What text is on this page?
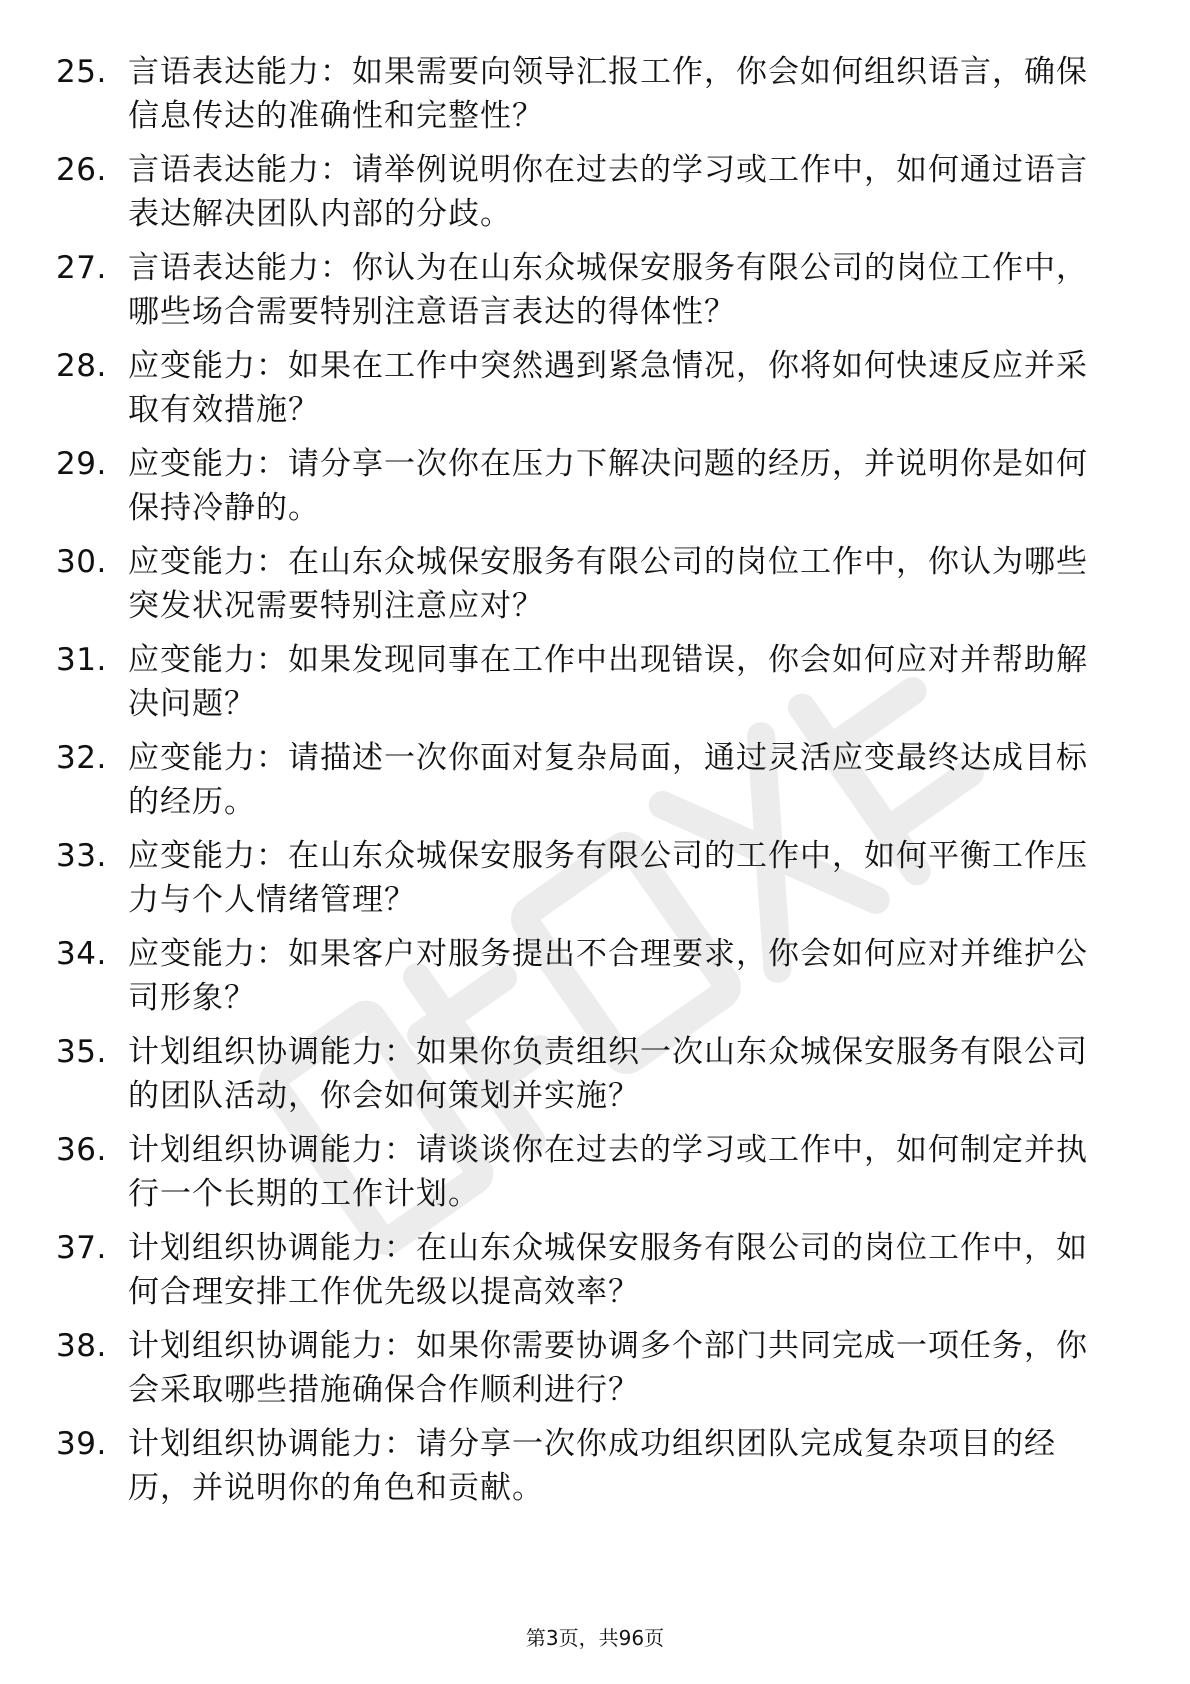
25. 言语表达能力：如果需要向领导汇报工作，你会如何组织语言，确保信息传达的准确性和完整性？
26. 言语表达能力：请举例说明你在过去的学习或工作中，如何通过语言表达解决团队内部的分歧。
27. 言语表达能力：你认为在山东众城保安服务有限公司的岗位工作中，哪些场合需要特别注意语言表达的得体性？
28. 应变能力：如果在工作中突然遇到紧急情况，你将如何快速反应并采取有效措施？
29. 应变能力：请分享一次你在压力下解决问题的经历，并说明你是如何保持冷静的。
30. 应变能力：在山东众城保安服务有限公司的岗位工作中，你认为哪些突发状况需要特别注意应对？
31. 应变能力：如果发现同事在工作中出现错误，你会如何应对并帮助解决问题？
32. 应变能力：请描述一次你面对复杂局面，通过灵活应变最终达成目标的经历。
33. 应变能力：在山东众城保安服务有限公司的工作中，如何平衡工作压力与个人情绪管理？
34. 应变能力：如果客户对服务提出不合理要求，你会如何应对并维护公司形象？
35. 计划组织协调能力：如果你负责组织一次山东众城保安服务有限公司的团队活动，你会如何策划并实施？
36. 计划组织协调能力：请谈谈你在过去的学习或工作中，如何制定并执行一个长期的工作计划。
37. 计划组织协调能力：在山东众城保安服务有限公司的岗位工作中，如何合理安排工作优先级以提高效率？
38. 计划组织协调能力：如果你需要协调多个部门共同完成一项任务，你会采取哪些措施确保合作顺利进行？
39. 计划组织协调能力：请分享一次你成功组织团队完成复杂项目的经历，并说明你的角色和贡献。
第3页，共96页
